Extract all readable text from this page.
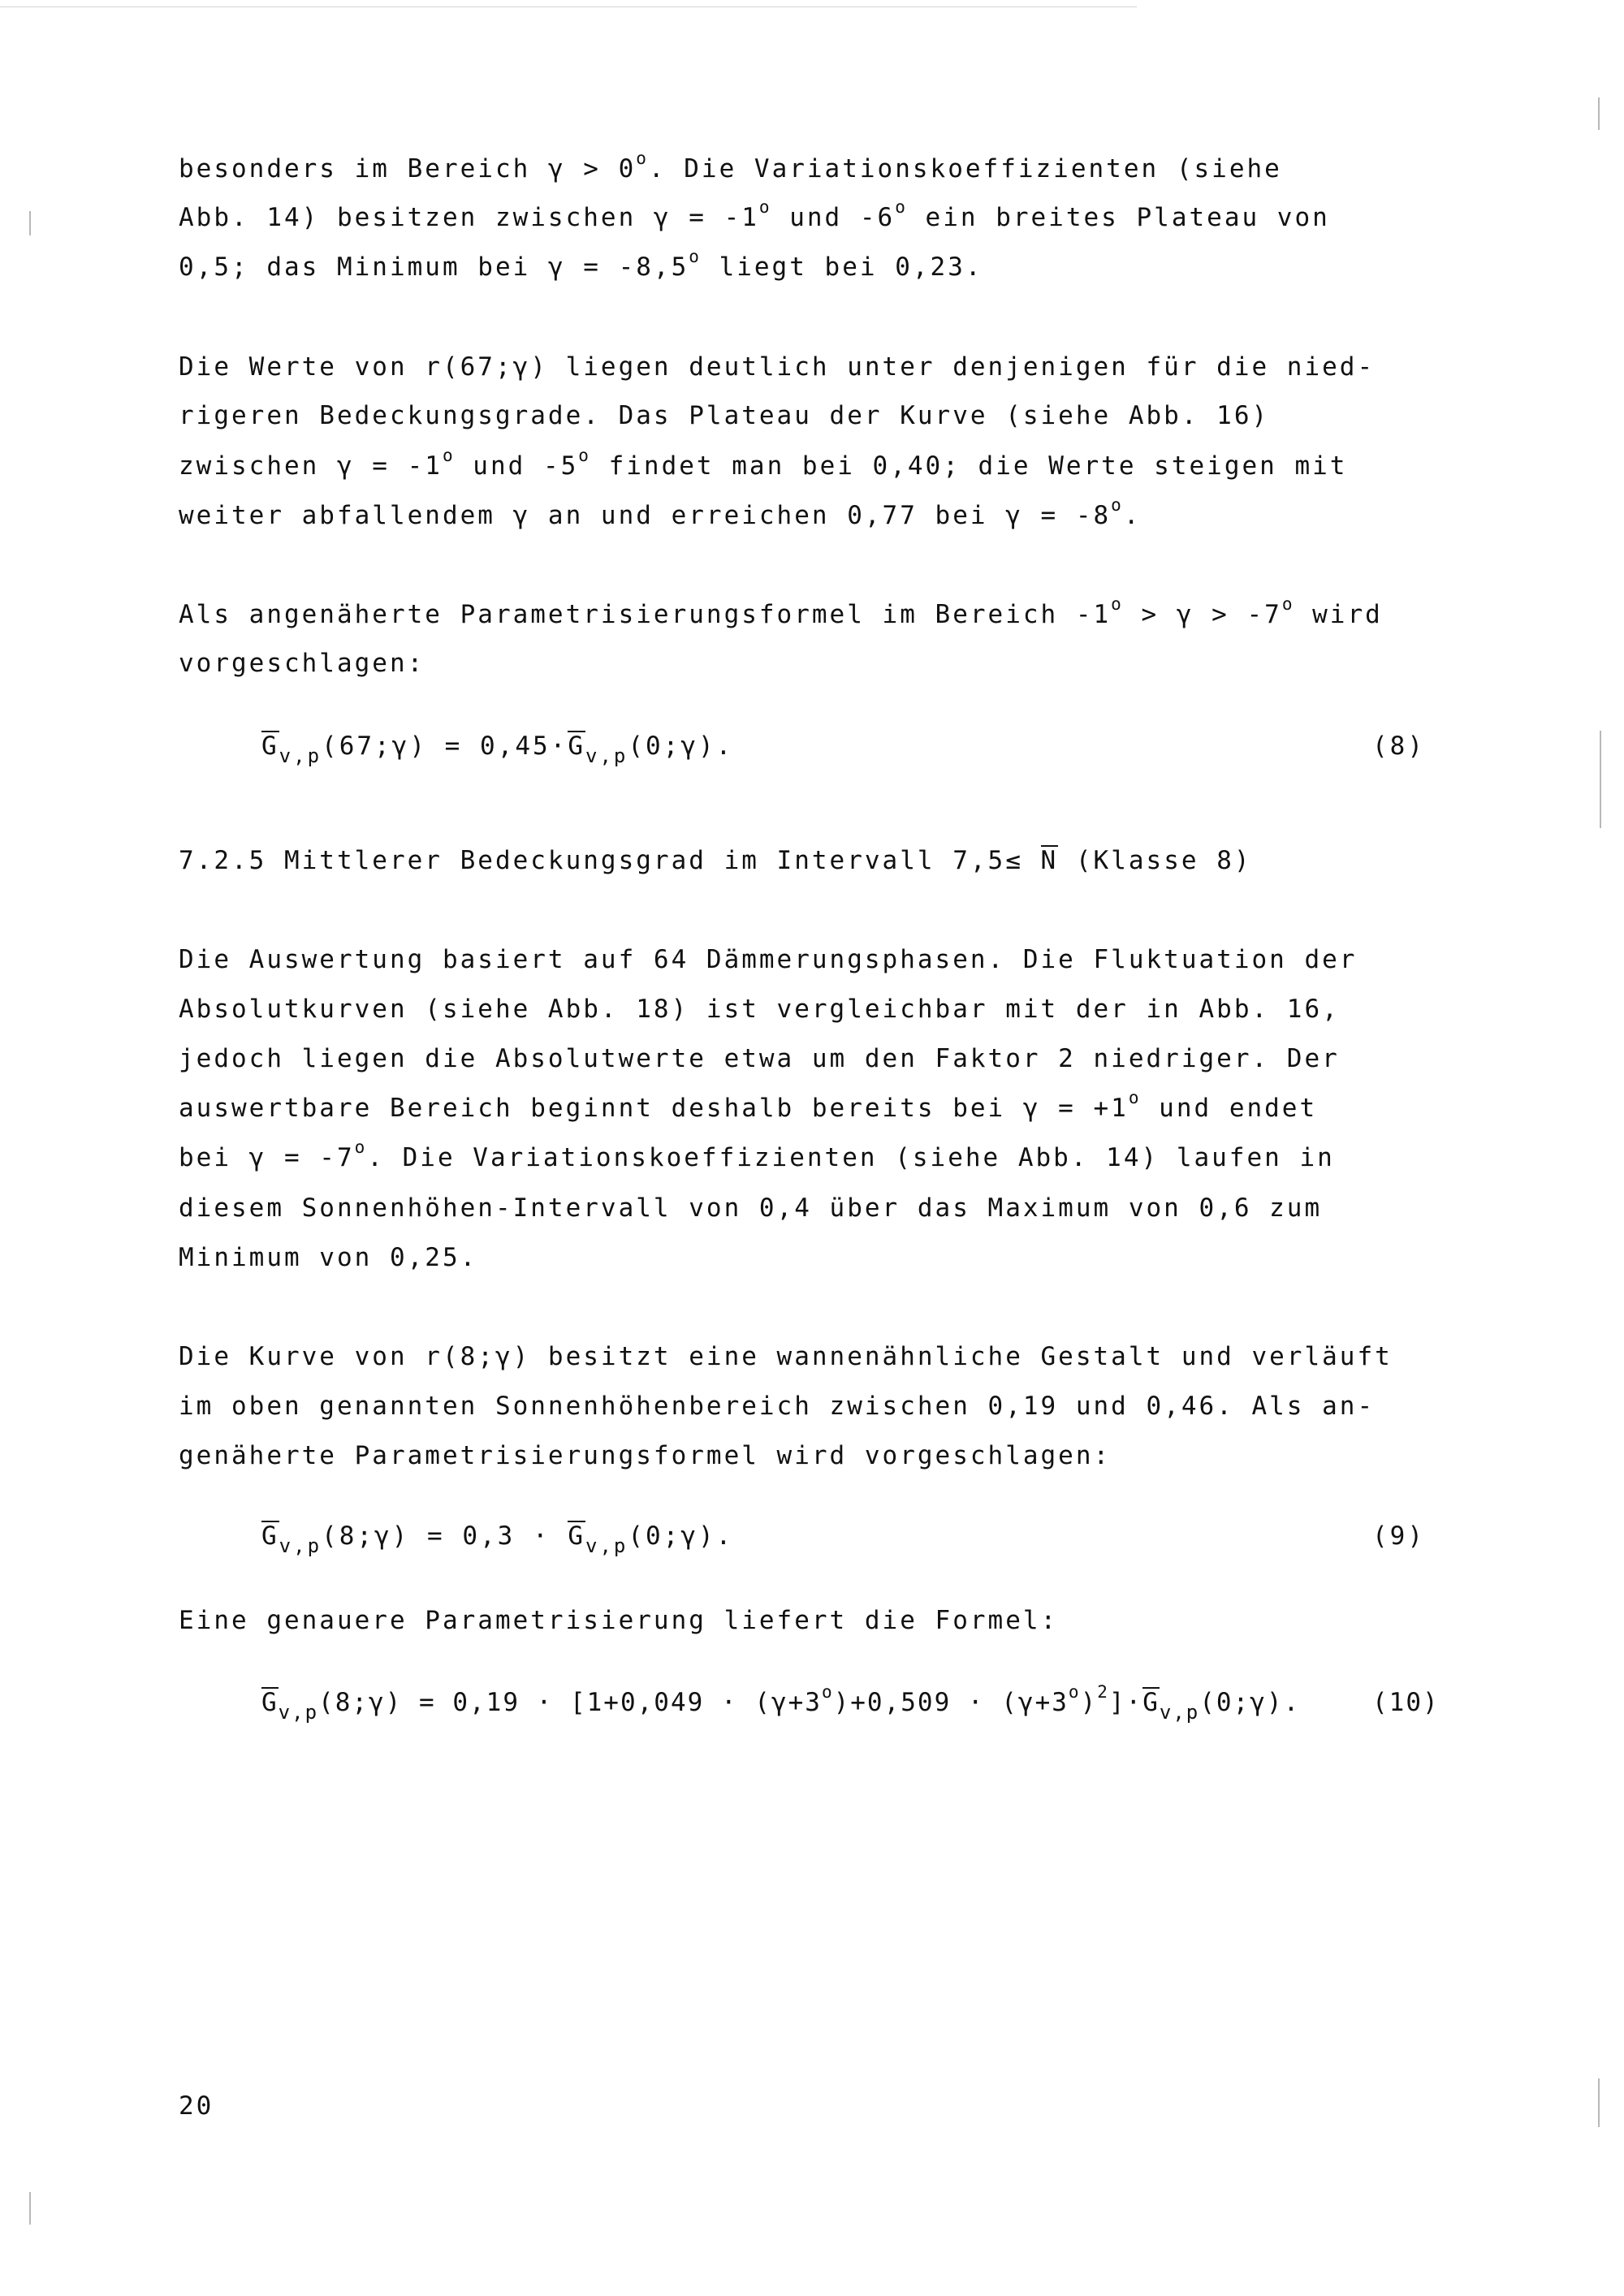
besonders im Bereich $\gamma > 0^o$. Die Variationskoeffizienten (siehe

Abb. 14) besitzen zwischen $\gamma = -1^o$ und -6$^o$ ein breites Plateau von

0,5; das Minimum bei $\gamma = -8,5^o$ liegt bei 0,23.

Die Werte von r(67;γ) liegen deutlich unter denjenigen für die nied-

rigeren Bedeckungsgrade. Das Plateau der Kurve (siehe Abb. 16)

zwischen $\gamma = -1^o$ und -5$^o$ findet man bei 0,40; die Werte steigen mit

weiter abfallendem γ an und erreichen 0,77 bei $\gamma = -8^o$.

Als angenäherte Parametrisierungsformel im Bereich $-1^o > \gamma > -7^o$ wird

vorgeschlagen:

$G_{v,p}(67;\gamma)$ = $0,45\cdot G_{v,p}(0;\gamma)$.	(8)

7.2.5 Mittlerer Bedeckungsgrad im Intervall 7,5≤ N (Klasse 8)

Die Auswertung basiert auf 64 Dämmerungsphasen. Die Fluktuation der

Absolutkurven (siehe Abb. 18) ist vergleichbar mit der in Abb. 16,

jedoch liegen die Absolutwerte etwa um den Faktor 2 niedriger. Der

auswertbare Bereich beginnt deshalb bereits bei $\gamma = +1^o$ und endet

bei $\gamma = -7^o$. Die Variationskoeffizienten (siehe Abb. 14) laufen in

diesem Sonnenhöhen-Intervall von 0,4 über das Maximum von 0,6 zum

Minimum von 0,25.

Die Kurve von r(8;γ) besitzt eine wannenähnliche Gestalt und verläuft

im oben genannten Sonnenhöhenbereich zwischen 0,19 und 0,46. Als an-

genäherte Parametrisierungsformel wird vorgeschlagen:

$G_{v,p}(8;\gamma) = 0,3$ · $G_{v,p}(0;\gamma)$.	(9)

Eine genauere Parametrisierung liefert die Formel:

$G_{v,p}(8;\gamma) = 0,19 \cdot [1+0,049 \cdot (\gamma+3^o)+0,509$ · $(\gamma+3^o)^2]\cdot G_{v,p}(0;\gamma)$.	(10)
20
